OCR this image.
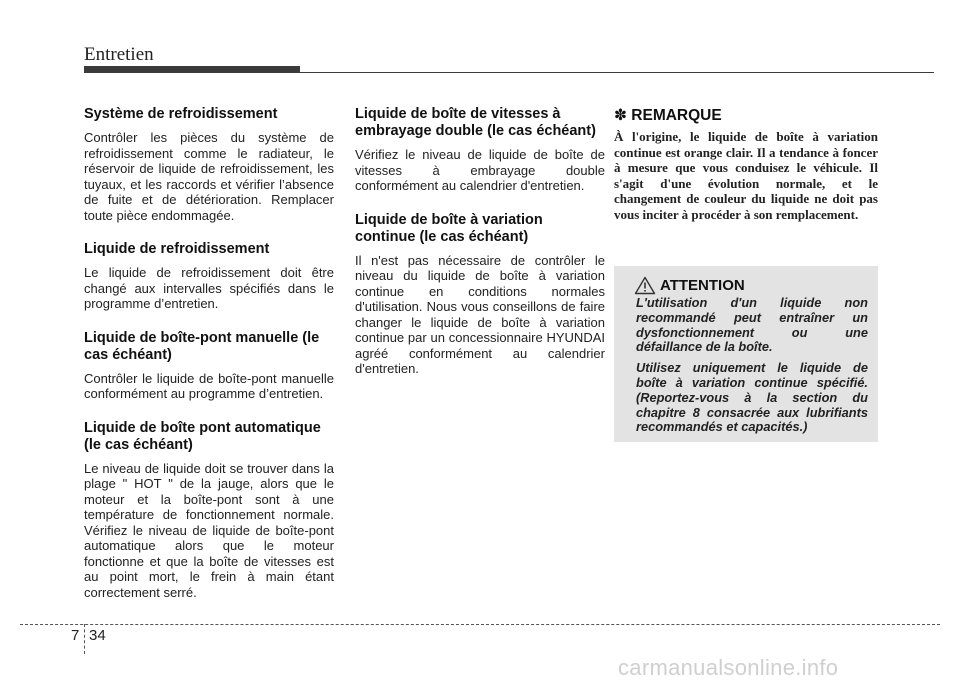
Entretien
Système de refroidissement

Contrôler les pièces du système de refroidissement comme le radiateur, le réservoir de liquide de refroidissement, les tuyaux, et les raccords et vérifier l’absence de fuite et de détérioration. Remplacer toute pièce endommagée.

Liquide de refroidissement

Le liquide de refroidissement doit être changé aux intervalles spécifiés dans le programme d’entretien.

Liquide de boîte-pont manuelle (le cas échéant)

Contrôler le liquide de boîte-pont manuelle conformément au programme d’entretien.

Liquide de boîte pont automatique (le cas échéant)

Le niveau de liquide doit se trouver dans la plage " HOT " de la jauge, alors que le moteur et la boîte-pont sont à une température de fonctionnement normale. Vérifiez le niveau de liquide de boîte-pont automatique alors que le moteur fonctionne et que la boîte de vitesses est au point mort, le frein à main étant correctement serré.

Liquide de boîte de vitesses à embrayage double (le cas échéant)

Vérifiez le niveau de liquide de boîte de vitesses à embrayage double conformément au calendrier d'entretien.

Liquide de boîte à variation continue (le cas échéant)

Il n'est pas nécessaire de contrôler le niveau du liquide de boîte à variation continue en conditions normales d'utilisation. Nous vous conseillons de faire changer le liquide de boîte à variation continue par un concessionnaire HYUNDAI agréé conformément au calendrier d'entretien.

✽ REMARQUE

À l'origine, le liquide de boîte à variation continue est orange clair. Il a tendance à foncer à mesure que vous conduisez le véhicule. Il s'agit d'une évolution normale, et le changement de couleur du liquide ne doit pas vous inciter à procéder à son remplacement.

ATTENTION

L'utilisation d'un liquide non recommandé peut entraîner un dysfonctionnement ou une défaillance de la boîte.

Utilisez uniquement le liquide de boîte à variation continue spécifié. (Reportez-vous à la section du chapitre 8 consacrée aux lubrifiants recommandés et capacités.)

7 34
carmanualsonline.info
